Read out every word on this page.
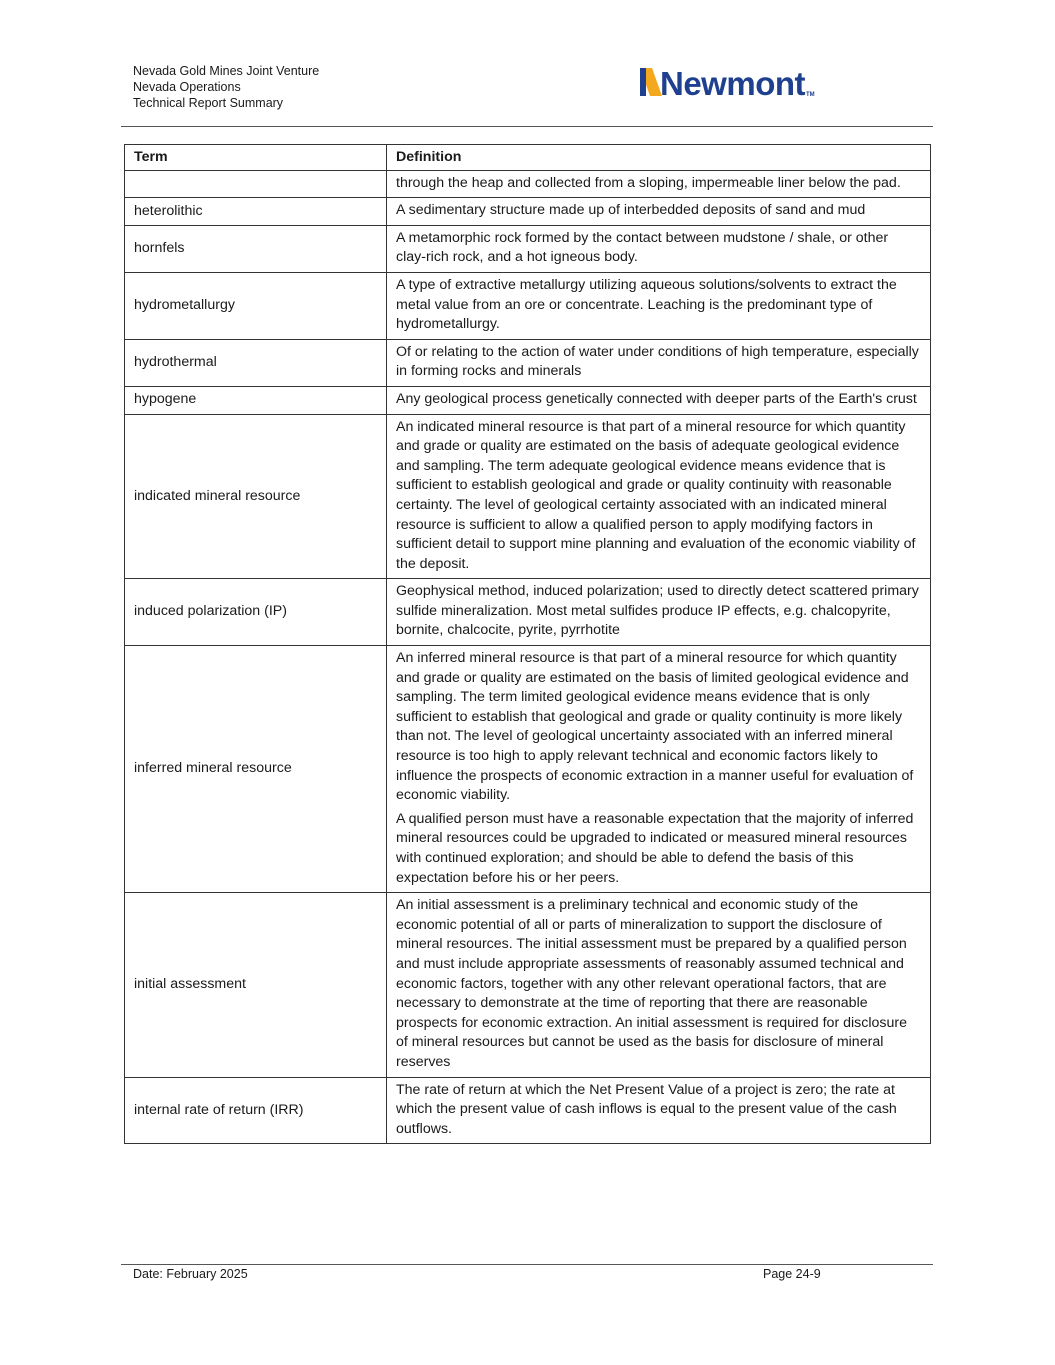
Nevada Gold Mines Joint Venture
Nevada Operations
Technical Report Summary
Newmont TM
Term	Definition

	through the heap and collected from a sloping, impermeable liner below the pad.

heterolithic	A sedimentary structure made up of interbedded deposits of sand and mud

hornfels	A metamorphic rock formed by the contact between mudstone / shale, or other clay-rich rock, and a hot igneous body.

hydrometallurgy	A type of extractive metallurgy utilizing aqueous solutions/solvents to extract the metal value from an ore or concentrate. Leaching is the predominant type of hydrometallurgy.

hydrothermal	Of or relating to the action of water under conditions of high temperature, especially in forming rocks and minerals

hypogene	Any geological process genetically connected with deeper parts of the Earth's crust

indicated mineral resource	An indicated mineral resource is that part of a mineral resource for which quantity and grade or quality are estimated on the basis of adequate geological evidence and sampling. The term adequate geological evidence means evidence that is sufficient to establish geological and grade or quality continuity with reasonable certainty. The level of geological certainty associated with an indicated mineral resource is sufficient to allow a qualified person to apply modifying factors in sufficient detail to support mine planning and evaluation of the economic viability of the deposit.

induced polarization (IP)	Geophysical method, induced polarization; used to directly detect scattered primary sulfide mineralization. Most metal sulfides produce IP effects, e.g. chalcopyrite, bornite, chalcocite, pyrite, pyrrhotite

inferred mineral resource	An inferred mineral resource is that part of a mineral resource for which quantity and grade or quality are estimated on the basis of limited geological evidence and sampling. The term limited geological evidence means evidence that is only sufficient to establish that geological and grade or quality continuity is more likely than not. The level of geological uncertainty associated with an inferred mineral resource is too high to apply relevant technical and economic factors likely to influence the prospects of economic extraction in a manner useful for evaluation of economic viability.

A qualified person must have a reasonable expectation that the majority of inferred mineral resources could be upgraded to indicated or measured mineral resources with continued exploration; and should be able to defend the basis of this expectation before his or her peers.

initial assessment	An initial assessment is a preliminary technical and economic study of the economic potential of all or parts of mineralization to support the disclosure of mineral resources. The initial assessment must be prepared by a qualified person and must include appropriate assessments of reasonably assumed technical and economic factors, together with any other relevant operational factors, that are necessary to demonstrate at the time of reporting that there are reasonable prospects for economic extraction. An initial assessment is required for disclosure of mineral resources but cannot be used as the basis for disclosure of mineral reserves

internal rate of return (IRR)	The rate of return at which the Net Present Value of a project is zero; the rate at which the present value of cash inflows is equal to the present value of the cash outflows.

Date: February 2025	Page 24-9
